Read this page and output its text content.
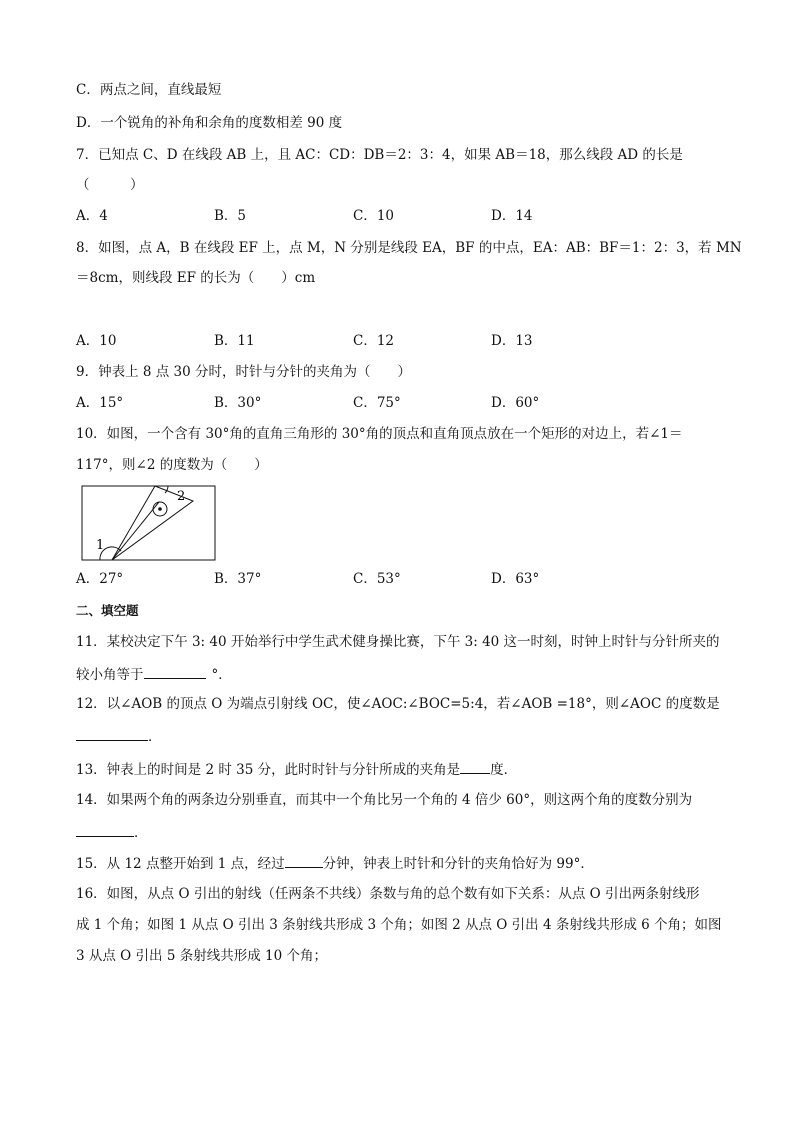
C．两点之间，直线最短
D．一个锐角的补角和余角的度数相差 90 度
7．已知点 C、D 在线段 AB 上，且 AC：CD：DB＝2：3：4，如果 AB＝18，那么线段 AD 的长是
（　　　）
A．4	B．5	C．10	D．14
8．如图，点 A，B 在线段 EF 上，点 M，N 分别是线段 EA，BF 的中点，EA：AB：BF＝1：2：3，若 MN
＝8cm，则线段 EF 的长为（　　）cm
A．10	B．11	C．12	D．13
9．钟表上 8 点 30 分时，时针与分针的夹角为（　　）
A．15°	B．30°	C．75°	D．60°
10．如图，一个含有 30°角的直角三角形的 30°角的顶点和直角顶点放在一个矩形的对边上，若∠1＝
117°，则∠2 的度数为（　　）
1
2
A．27°	B．37°	C．53°	D．63°
二、填空题
11．某校决定下午 3: 40 开始举行中学生武术健身操比赛，下午 3: 40 这一时刻，时钟上时针与分针所夹的
较小角等于	°．
12．以∠AOB 的顶点 O 为端点引射线 OC，使∠AOC:∠BOC=5:4，若∠AOB =18°，则∠AOC 的度数是
．
13．钟表上的时间是 2 时 35 分，此时时针与分针所成的夹角是 度．
14．如果两个角的两条边分别垂直，而其中一个角比另一个角的 4 倍少 60°，则这两个角的度数分别为
．
15．从 12 点整开始到 1 点，经过	分钟，钟表上时针和分针的夹角恰好为 99°．
16．如图，从点 O 引出的射线（任两条不共线）条数与角的总个数有如下关系：从点 O 引出两条射线形
成 1 个角；如图 1 从点 O 引出 3 条射线共形成 3 个角；如图 2 从点 O 引出 4 条射线共形成 6 个角；如图
3 从点 O 引出 5 条射线共形成 10 个角；
